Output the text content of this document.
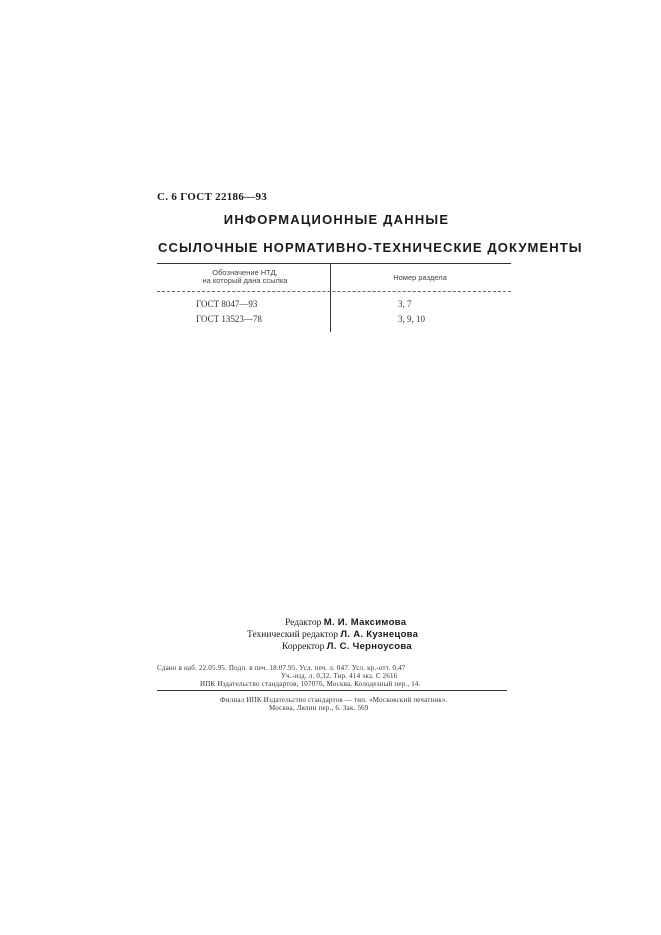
С. 6 ГОСТ 22186—93
ИНФОРМАЦИОННЫЕ ДАННЫЕ
ССЫЛОЧНЫЕ НОРМАТИВНО-ТЕХНИЧЕСКИЕ ДОКУМЕНТЫ
Обозначение НТД,
на который дана ссылка	Номер раздела
ГОСТ 8047—93	3, 7
ГОСТ 13523—78	3, 9, 10
Редактор М. И. Максимова
Технический редактор Л. А. Кузнецова
Корректор Л. С. Черноусова
Сдано в наб. 22.05.95. Подп. в печ. 18.07.95. Усл. печ. л. 047. Усл. кр.-отт. 0,47
Уч.-изд. л. 0,32. Тир. 414 экз. С 2616
ИПК Издательство стандартов, 107076, Москва, Колодезный пер., 14.
Филиал ИПК Издательство стандартов — тип. «Московский печатник».
Москва, Лялин пер., 6. Зак. 569
